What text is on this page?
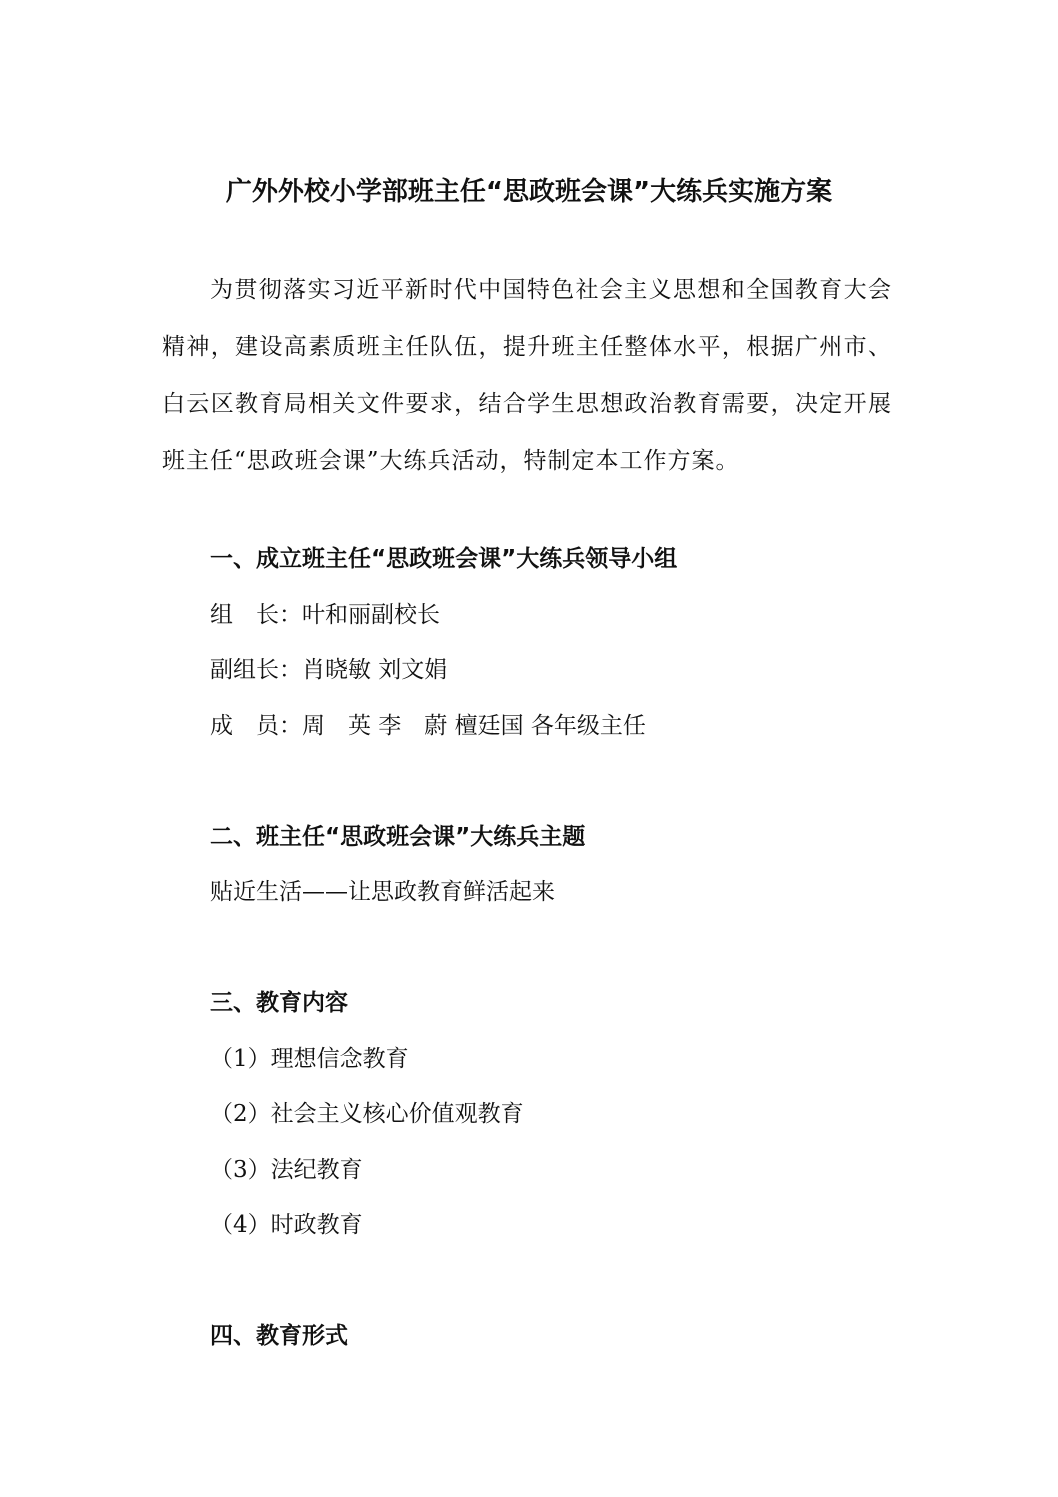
广外外校小学部班主任“思政班会课”大练兵实施方案

为贯彻落实习近平新时代中国特色社会主义思想和全国教育大会精神，建设高素质班主任队伍，提升班主任整体水平，根据广州市、白云区教育局相关文件要求，结合学生思想政治教育需要，决定开展班主任“思政班会课”大练兵活动，特制定本工作方案。

一、成立班主任“思政班会课”大练兵领导小组
组　长：叶和丽副校长
副组长：肖晓敏 刘文娟
成　员：周　英 李　蔚 檀廷国 各年级主任
二、班主任“思政班会课”大练兵主题
贴近生活——让思政教育鲜活起来
三、教育内容
（1）理想信念教育
（2）社会主义核心价值观教育
（3）法纪教育
（4）时政教育
四、教育形式
